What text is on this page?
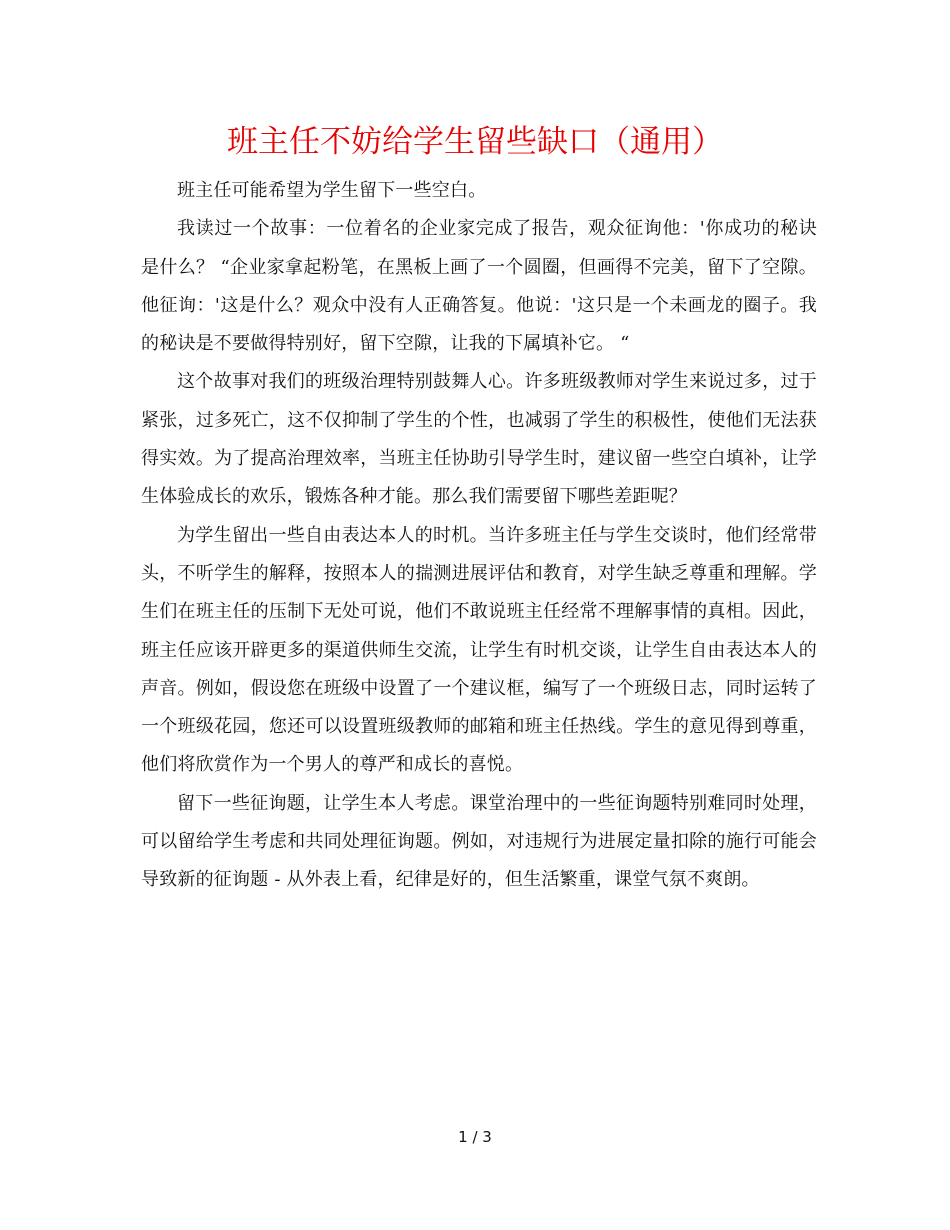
班主任不妨给学生留些缺口（通用）

班主任可能希望为学生留下一些空白。

我读过一个故事：一位着名的企业家完成了报告，观众征询他：'你成功的秘诀是什么？ “企业家拿起粉笔，在黑板上画了一个圆圈，但画得不完美，留下了空隙。他征询：'这是什么？观众中没有人正确答复。他说：'这只是一个未画龙的圈子。我的秘诀是不要做得特别好，留下空隙，让我的下属填补它。 “

这个故事对我们的班级治理特别鼓舞人心。许多班级教师对学生来说过多，过于紧张，过多死亡，这不仅抑制了学生的个性，也减弱了学生的积极性，使他们无法获得实效。为了提高治理效率，当班主任协助引导学生时，建议留一些空白填补，让学生体验成长的欢乐，锻炼各种才能。那么我们需要留下哪些差距呢？

为学生留出一些自由表达本人的时机。当许多班主任与学生交谈时，他们经常带头，不听学生的解释，按照本人的揣测进展评估和教育，对学生缺乏尊重和理解。学生们在班主任的压制下无处可说，他们不敢说班主任经常不理解事情的真相。因此，班主任应该开辟更多的渠道供师生交流，让学生有时机交谈，让学生自由表达本人的声音。例如，假设您在班级中设置了一个建议框，编写了一个班级日志，同时运转了一个班级花园，您还可以设置班级教师的邮箱和班主任热线。学生的意见得到尊重，他们将欣赏作为一个男人的尊严和成长的喜悦。

留下一些征询题，让学生本人考虑。课堂治理中的一些征询题特别难同时处理，可以留给学生考虑和共同处理征询题。例如，对违规行为进展定量扣除的施行可能会导致新的征询题 - 从外表上看，纪律是好的，但生活繁重，课堂气氛不爽朗。

1 / 3
